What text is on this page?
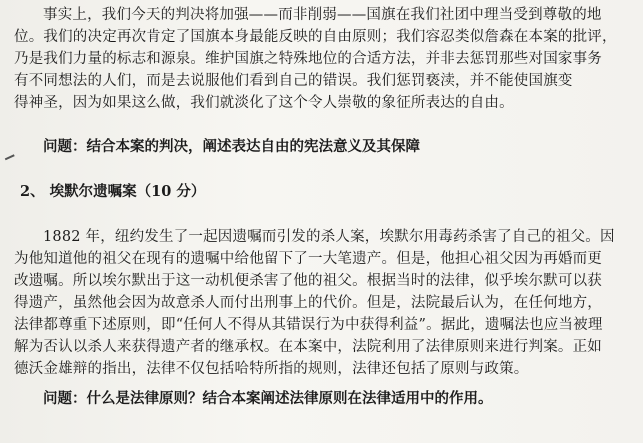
事实上，我们今天的判决将加强——而非削弱——国旗在我们社团中理当受到尊敬的地

位。我们的决定再次肯定了国旗本身最能反映的自由原则；我们容忍类似詹森在本案的批评，

乃是我们力量的标志和源泉。维护国旗之特殊地位的合适方法，并非去惩罚那些对国家事务

有不同想法的人们，而是去说服他们看到自己的错误。我们惩罚亵渎，并不能使国旗变

得神圣，因为如果这么做，我们就淡化了这个令人崇敬的象征所表达的自由。

问题：结合本案的判决，阐述表达自由的宪法意义及其保障

2、 埃默尔遗嘱案（10 分）

1882 年，纽约发生了一起因遗嘱而引发的杀人案，埃默尔用毒药杀害了自己的祖父。因

为他知道他的祖父在现有的遗嘱中给他留下了一大笔遗产。但是，他担心祖父因为再婚而更

改遗嘱。所以埃尔默出于这一动机便杀害了他的祖父。根据当时的法律，似乎埃尔默可以获

得遗产，虽然他会因为故意杀人而付出刑事上的代价。但是，法院最后认为，在任何地方，

法律都尊重下述原则，即“任何人不得从其错误行为中获得利益”。据此，遗嘱法也应当被理

解为否认以杀人来获得遗产者的继承权。在本案中，法院利用了法律原则来进行判案。正如

德沃金雄辩的指出，法律不仅包括哈特所指的规则，法律还包括了原则与政策。

问题：什么是法律原则？结合本案阐述法律原则在法律适用中的作用。
